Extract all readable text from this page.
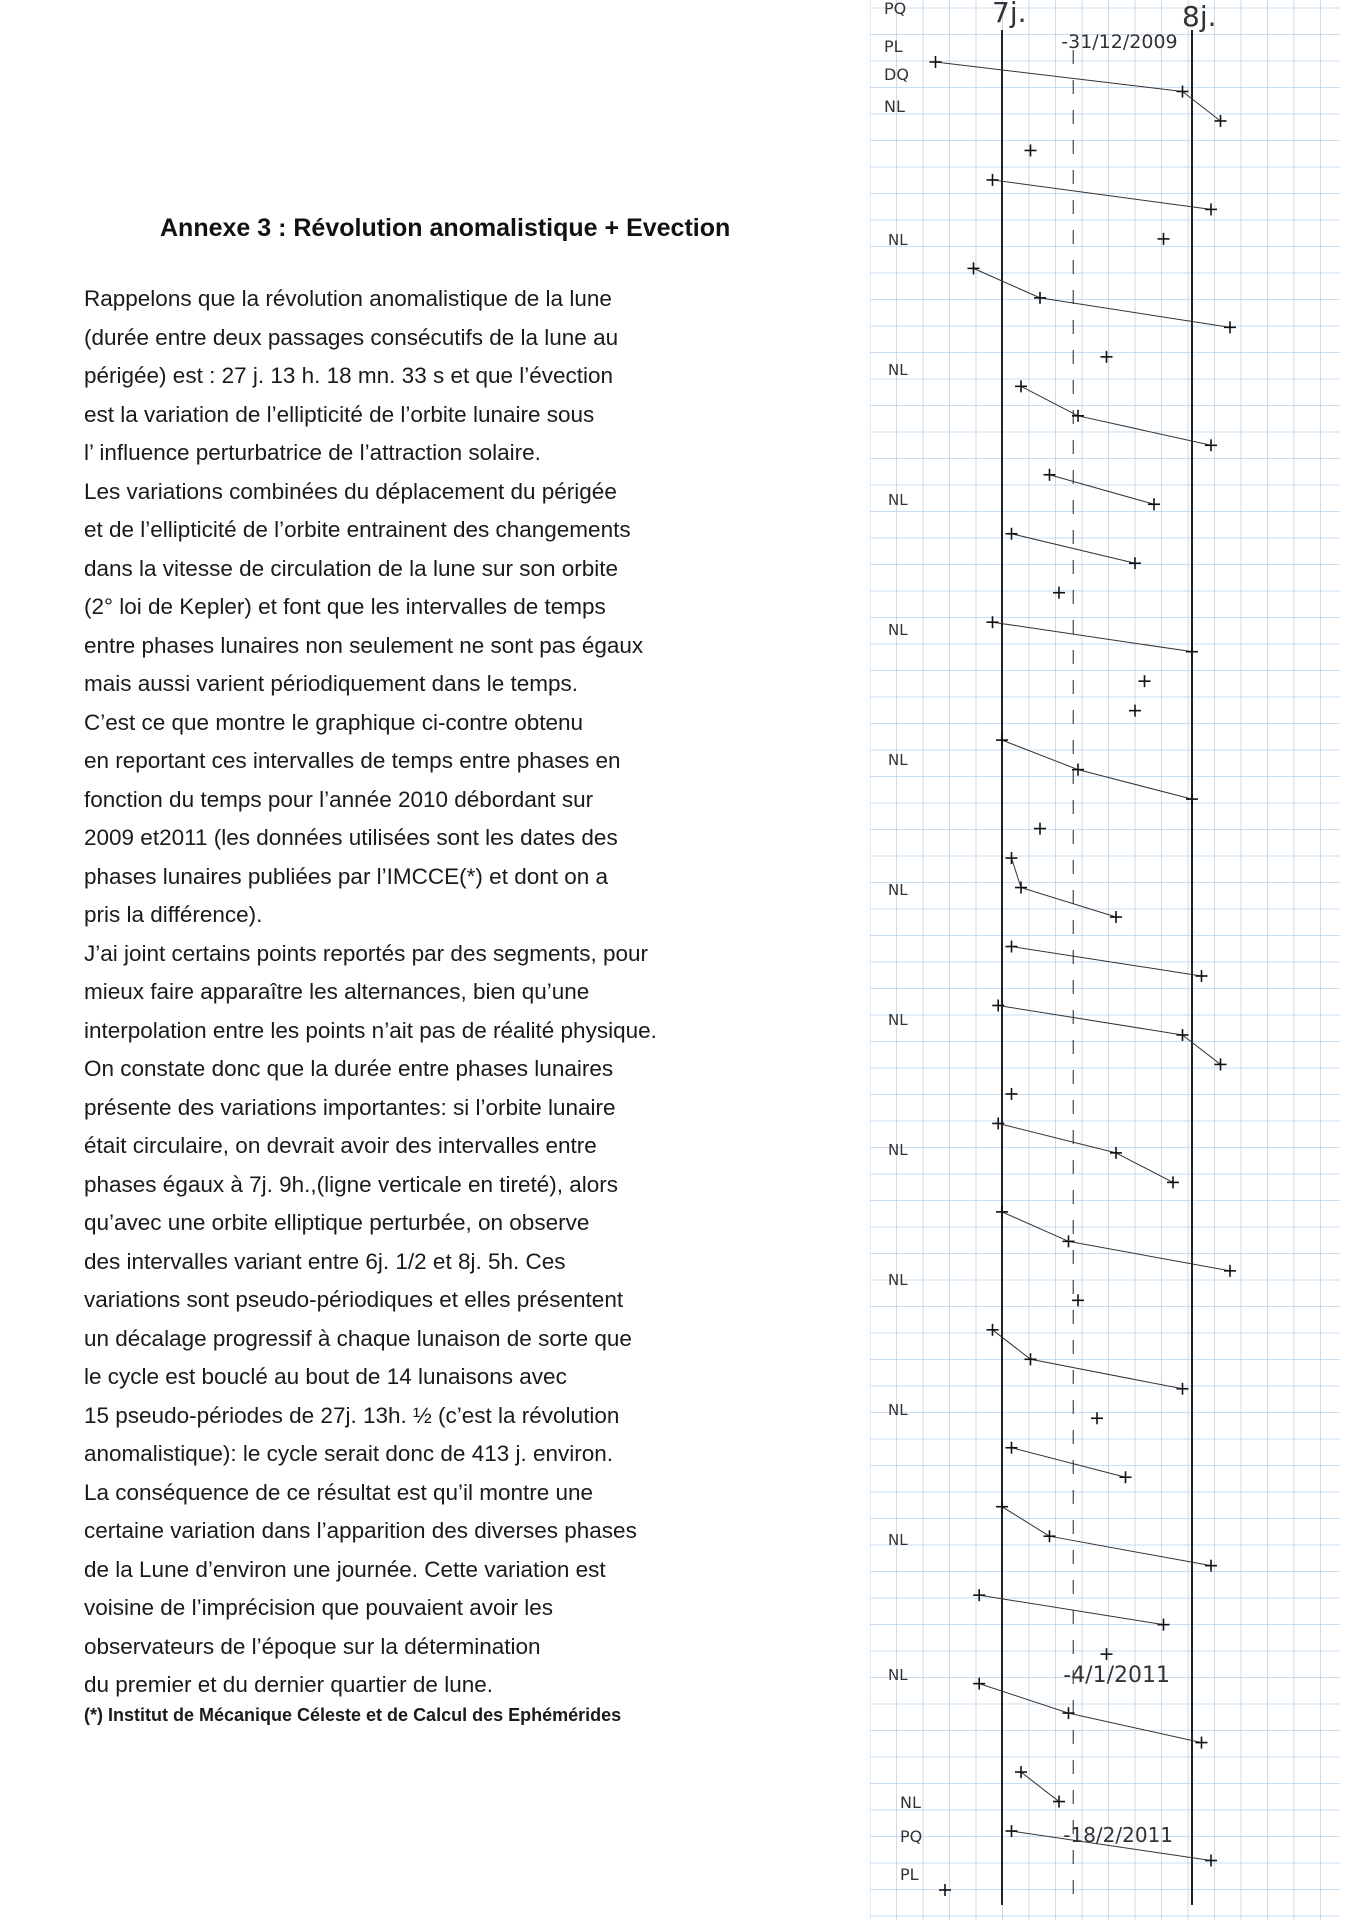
Annexe 3 : Révolution anomalistique + Evection
Rappelons que la révolution anomalistique de la lune
(durée entre deux passages consécutifs de la lune au
périgée) est : 27 j. 13 h. 18 mn. 33 s et que l’évection
est la variation de l’ellipticité de l’orbite lunaire sous
l’ influence perturbatrice de l’attraction solaire.
Les variations combinées du déplacement du périgée
et de l’ellipticité de l’orbite entrainent des changements
dans la vitesse de circulation de la lune sur son orbite
(2° loi de Kepler) et font que les intervalles de temps
entre phases lunaires non seulement ne sont pas égaux
mais aussi varient périodiquement dans le temps.
C’est ce que montre le graphique ci-contre obtenu
en reportant ces intervalles de temps entre phases en
fonction du temps pour l’année 2010 débordant sur
2009 et2011 (les données utilisées sont les dates des
phases lunaires publiées par l’IMCCE(*) et dont on a
pris la différence).
J’ai joint certains points reportés par des segments, pour
mieux faire apparaître les alternances, bien qu’une
interpolation entre les points n’ait pas de réalité physique.
On constate donc que la durée entre phases lunaires
présente des variations importantes: si l’orbite lunaire
était circulaire, on devrait avoir des intervalles entre
phases égaux à 7j. 9h.,(ligne verticale en tireté), alors
qu’avec une orbite elliptique perturbée, on observe
des intervalles variant entre 6j. 1/2 et 8j. 5h. Ces
variations sont pseudo-périodiques et elles présentent
un décalage progressif à chaque lunaison de sorte que
le cycle est bouclé au bout de 14 lunaisons avec
15 pseudo-périodes de 27j. 13h. ½ (c’est la révolution
anomalistique): le cycle serait donc de 413 j. environ.
La conséquence de ce résultat est qu’il montre une
certaine variation dans l’apparition des diverses phases
de la Lune d’environ une journée. Cette variation est
voisine de l’imprécision que pouvaient avoir les
observateurs de l’époque sur la détermination
du premier et du dernier quartier de lune.
(*) Institut de Mécanique Céleste et de Calcul des Ephémérides
7j.	8j.
-31/12/2009
-4/1/2011
-18/2/2011
PQ
PL
DQ
NL
NL
NL
NL
NL
NL
NL
NL
NL
NL
NL
NL
NL
NL
PQ
PL
